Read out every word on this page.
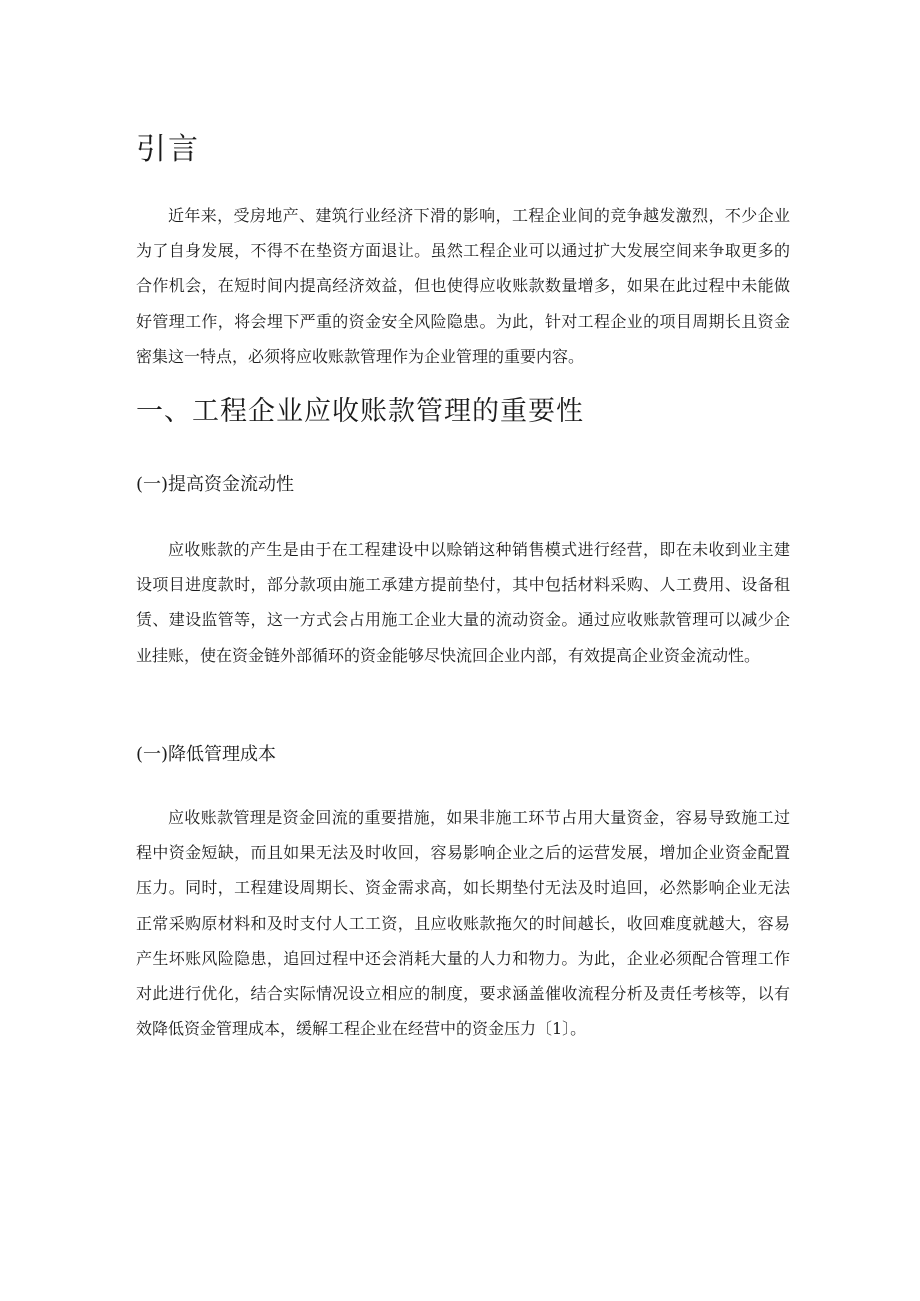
引言

近年来，受房地产、建筑行业经济下滑的影响，工程企业间的竞争越发激烈，不少企业为了自身发展，不得不在垫资方面退让。虽然工程企业可以通过扩大发展空间来争取更多的合作机会，在短时间内提高经济效益，但也使得应收账款数量增多，如果在此过程中未能做好管理工作，将会埋下严重的资金安全风险隐患。为此，针对工程企业的项目周期长且资金密集这一特点，必须将应收账款管理作为企业管理的重要内容。

一、工程企业应收账款管理的重要性
(一)提高资金流动性

应收账款的产生是由于在工程建设中以赊销这种销售模式进行经营，即在未收到业主建设项目进度款时，部分款项由施工承建方提前垫付，其中包括材料采购、人工费用、设备租赁、建设监管等，这一方式会占用施工企业大量的流动资金。通过应收账款管理可以减少企业挂账，使在资金链外部循环的资金能够尽快流回企业内部，有效提高企业资金流动性。

(一)降低管理成本

应收账款管理是资金回流的重要措施，如果非施工环节占用大量资金，容易导致施工过程中资金短缺，而且如果无法及时收回，容易影响企业之后的运营发展，增加企业资金配置压力。同时，工程建设周期长、资金需求高，如长期垫付无法及时追回，必然影响企业无法正常采购原材料和及时支付人工工资，且应收账款拖欠的时间越长，收回难度就越大，容易产生坏账风险隐患，追回过程中还会消耗大量的人力和物力。为此，企业必须配合管理工作对此进行优化，结合实际情况设立相应的制度，要求涵盖催收流程分析及责任考核等，以有效降低资金管理成本，缓解工程企业在经营中的资金压力〔1〕。
